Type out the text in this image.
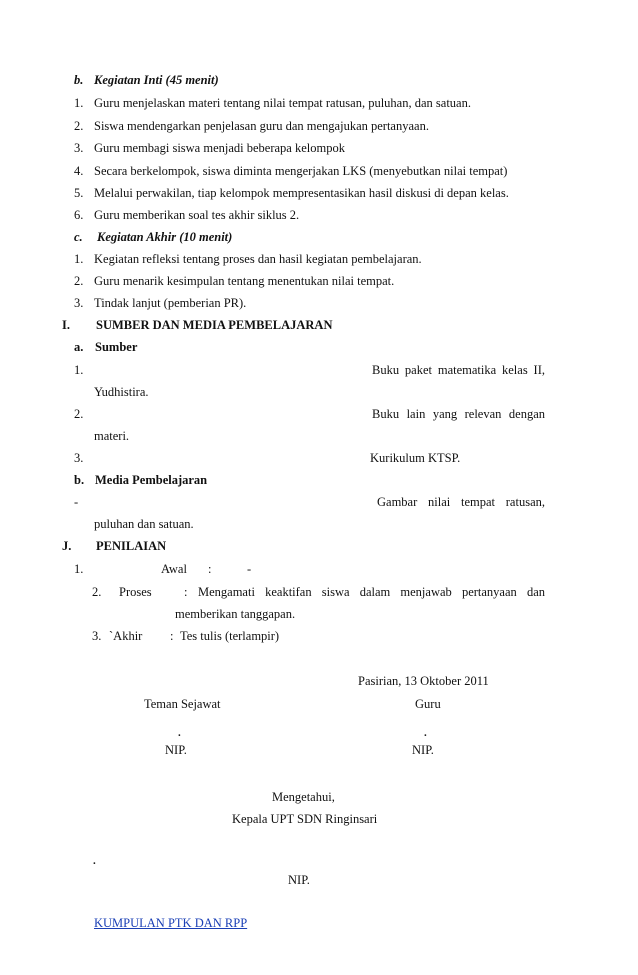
b. Kegiatan Inti (45 menit)
1. Guru menjelaskan materi tentang nilai tempat ratusan, puluhan, dan satuan.
2. Siswa mendengarkan penjelasan guru dan mengajukan pertanyaan.
3. Guru membagi siswa menjadi beberapa kelompok
4. Secara berkelompok, siswa diminta mengerjakan LKS (menyebutkan nilai tempat)
5. Melalui perwakilan, tiap kelompok mempresentasikan hasil diskusi di depan kelas.
6. Guru memberikan soal tes akhir siklus 2.
c. Kegiatan Akhir (10 menit)
1. Kegiatan refleksi tentang proses dan hasil kegiatan pembelajaran.
2. Guru menarik kesimpulan tentang menentukan nilai tempat.
3. Tindak lanjut (pemberian PR).
I. SUMBER DAN MEDIA PEMBELAJARAN
a. Sumber
1.	Buku paket matematika kelas II,
Yudhistira.
2.	Buku lain yang relevan dengan
materi.
3.	Kurikulum KTSP.
b. Media Pembelajaran
-	Gambar nilai tempat ratusan,
puluhan dan satuan.
J. PENILAIAN
1.	Awal :	-
2. Proses	: Mengamati keaktifan siswa dalam menjawab pertanyaan dan
memberikan tanggapan.
3. `Akhir : Tes tulis (terlampir)
Pasirian, 13 Oktober 2011
Teman Sejawat	Guru
.	.
NIP.	NIP.
Mengetahui,
Kepala UPT SDN Ringinsari
.
NIP.
KUMPULAN PTK DAN RPP
